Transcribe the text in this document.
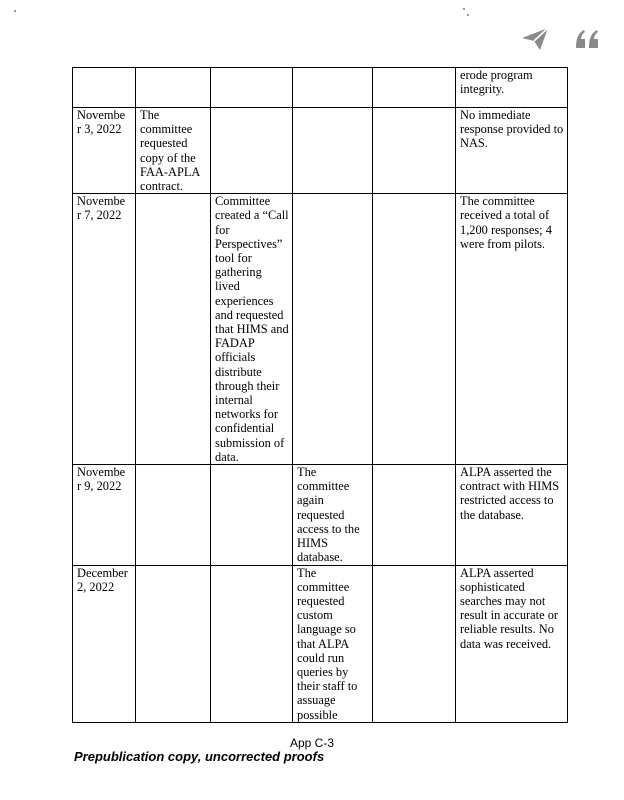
					erode program integrity.
Novembe r 3, 2022	The committee requested copy of the FAA-APLA contract.				No immediate response provided to NAS.
Novembe r 7, 2022		Committee created a “Call for Perspectives” tool for gathering lived experiences and requested that HIMS and FADAP officials distribute through their internal networks for confidential submission of data.			The committee received a total of 1,200 responses; 4 were from pilots.
Novembe r 9, 2022			The committee again requested access to the HIMS database.		ALPA asserted the contract with HIMS restricted access to the database.
December 2, 2022			The committee requested custom language so that ALPA could run queries by their staff to assuage possible		ALPA asserted sophisticated searches may not result in accurate or reliable results. No data was received.
App C-3
Prepublication copy, uncorrected proofs
